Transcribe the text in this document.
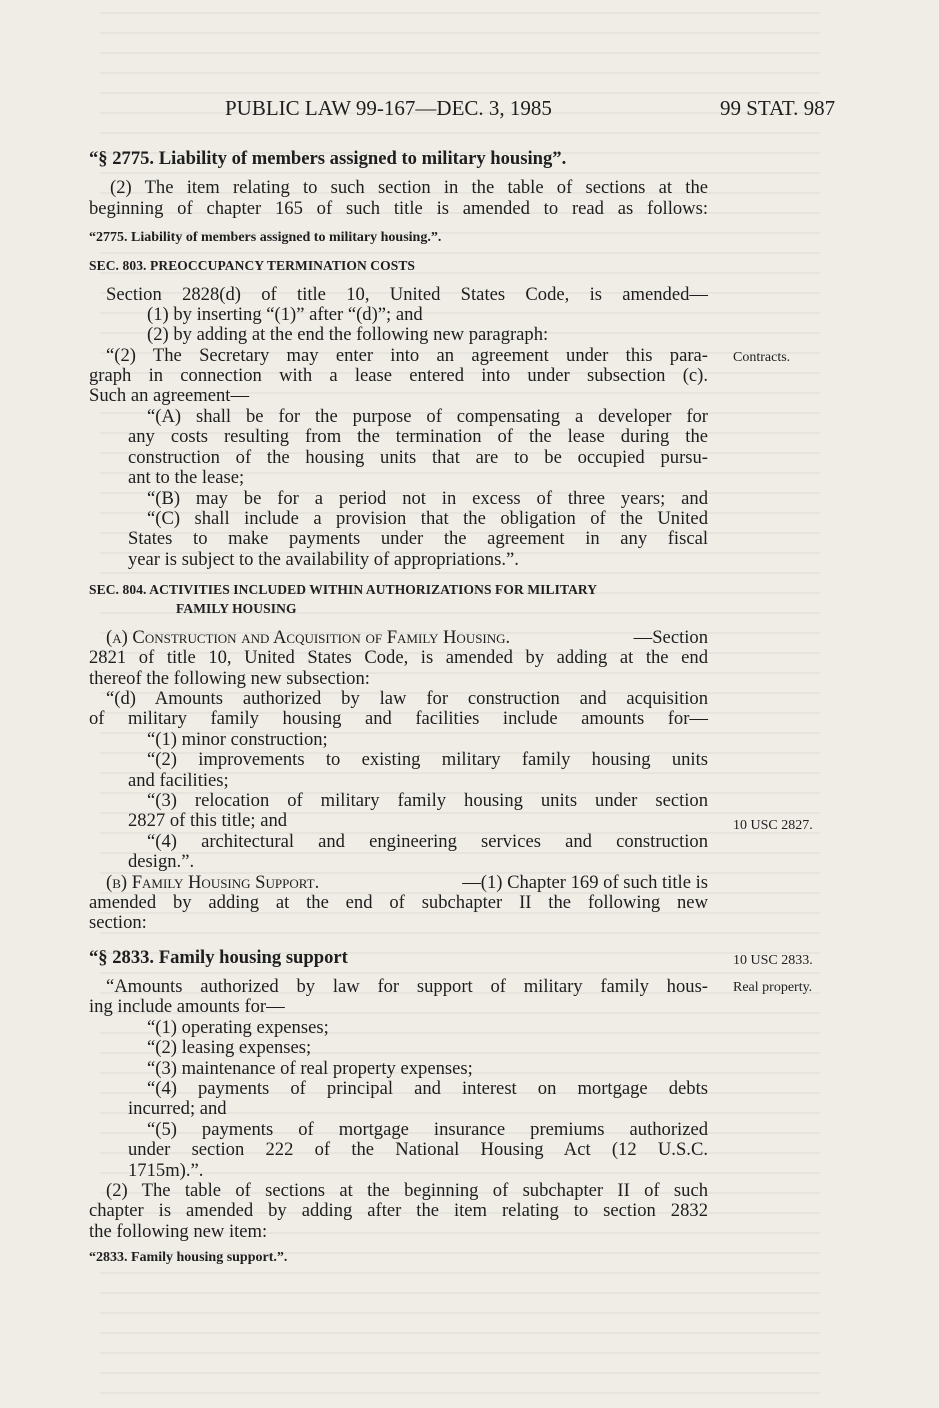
PUBLIC LAW 99-167—DEC. 3, 1985	99 STAT. 987
“§ 2775. Liability of members assigned to military housing”.
(2) The item relating to such section in the table of sections at the
beginning of chapter 165 of such title is amended to read as follows:
“2775. Liability of members assigned to military housing.”.
SEC. 803. PREOCCUPANCY TERMINATION COSTS
Section 2828(d) of title 10, United States Code, is amended—
(1) by inserting “(1)” after “(d)”; and
(2) by adding at the end the following new paragraph:
“(2) The Secretary may enter into an agreement under this para-
graph in connection with a lease entered into under subsection (c).
Such an agreement—
“(A) shall be for the purpose of compensating a developer for
any costs resulting from the termination of the lease during the
construction of the housing units that are to be occupied pursu-
ant to the lease;
“(B) may be for a period not in excess of three years; and
“(C) shall include a provision that the obligation of the United
States to make payments under the agreement in any fiscal
year is subject to the availability of appropriations.”.
SEC. 804. ACTIVITIES INCLUDED WITHIN AUTHORIZATIONS FOR MILITARY
FAMILY HOUSING
(a) Construction and Acquisition of Family Housing.	—Section
2821 of title 10, United States Code, is amended by adding at the end
thereof the following new subsection:
“(d) Amounts authorized by law for construction and acquisition
of military family housing and facilities include amounts for—
“(1) minor construction;
“(2) improvements to existing military family housing units
and facilities;
“(3) relocation of military family housing units under section
2827 of this title; and
“(4) architectural and engineering services and construction
design.”.
(b) Family Housing Support.	—(1) Chapter 169 of such title is
amended by adding at the end of subchapter II the following new
section:
“§ 2833. Family housing support
“Amounts authorized by law for support of military family hous-
ing include amounts for—
“(1) operating expenses;
“(2) leasing expenses;
“(3) maintenance of real property expenses;
“(4) payments of principal and interest on mortgage debts
incurred; and
“(5) payments of mortgage insurance premiums authorized
under section 222 of the National Housing Act (12 U.S.C.
1715m).”.
(2) The table of sections at the beginning of subchapter II of such
chapter is amended by adding after the item relating to section 2832
the following new item:
“2833. Family housing support.”.
Contracts.
10 USC 2827.
10 USC 2833.
Real property.
